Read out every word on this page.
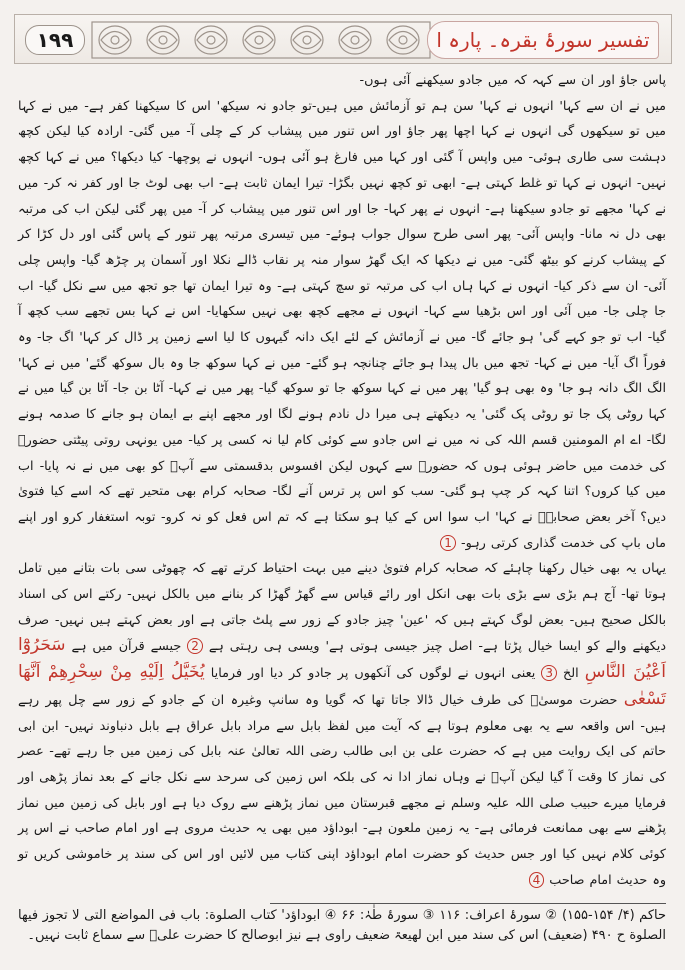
۱۹۹	تفسیر سورۂ بقرہ۔ پارہ ا

پاس جاؤ اور ان سے کہہ کہ میں جادو سیکھنے آئی ہوں-

میں نے ان سے کہا' انہوں نے کہا' سن ہم تو آزمائش میں ہیں-تو جادو نہ سیکھ' اس کا سیکھنا کفر ہے- میں نے کہا میں تو سیکھوں گی انہوں نے کہا اچھا پھر جاؤ اور اس تنور میں پیشاب کر کے چلی آ- میں گئی- ارادہ کیا لیکن کچھ دہشت سی طاری ہوئی- میں واپس آ گئی اور کہا میں فارغ ہو آئی ہوں- انہوں نے پوچھا- کیا دیکھا؟ میں نے کہا کچھ نہیں- انہوں نے کہا تو غلط کہتی ہے- ابھی تو کچھ نہیں بگڑا- تیرا ایمان ثابت ہے- اب بھی لوٹ جا اور کفر نہ کر- میں نے کہا' مجھے تو جادو سیکھنا ہے- انہوں نے پھر کہا- جا اور اس تنور میں پیشاب کر آ- میں پھر گئی لیکن اب کی مرتبہ بھی دل نہ مانا- واپس آئی- پھر اسی طرح سوال جواب ہوئے- میں تیسری مرتبہ پھر تنور کے پاس گئی اور دل کڑا کر کے پیشاب کرنے کو بیٹھ گئی- میں نے دیکھا کہ ایک گھڑ سوار منہ پر نقاب ڈالے نکلا اور آسمان پر چڑھ گیا- واپس چلی آئی- ان سے ذکر کیا- انہوں نے کہا ہاں اب کی مرتبہ تو سچ کہتی ہے- وہ تیرا ایمان تھا جو تجھ میں سے نکل گیا- اب جا چلی جا- میں آئی اور اس بڑھیا سے کہا- انہوں نے مجھے کچھ بھی نہیں سکھایا- اس نے کہا بس تجھے سب کچھ آ گیا- اب تو جو کہے گی' ہو جائے گا- میں نے آزمائش کے لئے ایک دانہ گیہوں کا لیا اسے زمین پر ڈال کر کہا' اگ جا- وہ فوراً اگ آیا- میں نے کہا- تجھ میں بال پیدا ہو جائے چنانچہ ہو گئے- میں نے کہا سوکھ جا وہ بال سوکھ گئے' میں نے کہا' الگ الگ دانہ ہو جا' وہ بھی ہو گیا' پھر میں نے کہا سوکھ جا تو سوکھ گیا- پھر میں نے کہا- آٹا بن جا- آٹا بن گیا میں نے کہا روٹی پک جا تو روٹی پک گئی' یہ دیکھتے ہی میرا دل نادم ہونے لگا اور مجھے اپنے بے ایمان ہو جانے کا صدمہ ہونے لگا- اے ام المومنین قسم اللہ کی نہ میں نے اس جادو سے کوئی کام لیا نہ کسی پر کیا- میں یونہی روتی پیٹتی حضورؐ کی خدمت میں حاضر ہوئی ہوں کہ حضورؐ سے کہوں لیکن افسوس بدقسمتی سے آپؐ کو بھی میں نے نہ پایا- اب میں کیا کروں؟ اتنا کہہ کر چپ ہو گئی- سب کو اس پر ترس آنے لگا- صحابہ کرام بھی متحیر تھے کہ اسے کیا فتویٰ دیں؟ آخر بعض صحابہؓ نے کہا' اب سوا اس کے کیا ہو سکتا ہے کہ تم اس فعل کو نہ کرو- توبہ استغفار کرو اور اپنے ماں باپ کی خدمت گذاری کرتی رہو- 1

یہاں یہ بھی خیال رکھنا چاہئے کہ صحابہ کرام فتویٰ دینے میں بہت احتیاط کرتے تھے کہ چھوٹی سی بات بتانے میں تامل ہوتا تھا- آج ہم بڑی سے بڑی بات بھی انکل اور رائے قیاس سے گھڑ گھڑا کر بنانے میں بالکل نہیں- رکتے اس کی اسناد بالکل صحیح ہیں- بعض لوگ کہتے ہیں کہ 'عین' چیز جادو کے زور سے پلٹ جاتی ہے اور بعض کہتے ہیں نہیں- صرف دیکھنے والے کو ایسا خیال پڑتا ہے- اصل چیز جیسی ہوتی ہے' ویسی ہی رہتی ہے 2 جیسے قرآن میں ہے سَحَرُوْٓا اَعْيُنَ النَّاسِ الخ 3 یعنی انہوں نے لوگوں کی آنکھوں پر جادو کر دیا اور فرمایا يُخَيَّلُ اِلَيْهِ مِنْ سِحْرِهِمْ اَنَّهَا تَسْعٰى حضرت موسیٰؑ کی طرف خیال ڈالا جاتا تھا کہ گویا وہ سانپ وغیرہ ان کے جادو کے زور سے چل پھر رہے ہیں- اس واقعہ سے یہ بھی معلوم ہوتا ہے کہ آیت میں لفظ بابل سے مراد بابل عراق ہے بابل دنباوند نہیں- ابن ابی حاتم کی ایک روایت میں ہے کہ حضرت علی بن ابی طالب رضی اللہ تعالیٰ عنہ بابل کی زمین میں جا رہے تھے- عصر کی نماز کا وقت آ گیا لیکن آپؓ نے وہاں نماز ادا نہ کی بلکہ اس زمین کی سرحد سے نکل جانے کے بعد نماز پڑھی اور فرمایا میرے حبیب صلی اللہ علیہ وسلم نے مجھے قبرستان میں نماز پڑھنے سے روک دیا ہے اور بابل کی زمین میں نماز پڑھنے سے بھی ممانعت فرمائی ہے- یہ زمین ملعون ہے- ابوداؤد میں بھی یہ حدیث مروی ہے اور امام صاحب نے اس پر کوئی کلام نہیں کیا اور جس حدیث کو حضرت امام ابوداؤد اپنی کتاب میں لائیں اور اس کی سند پر خاموشی کریں تو وہ حدیث امام صاحب 4

حاکم (۴/ ۱۵۴-۱۵۵) ② سورۂ اعراف: ۱۱۶ ③ سورۂ طٰہٰ: ۶۶ ④ ابوداؤد' کتاب الصلوة: باب فی المواضع التی لا تجوز فیھا الصلوة ح ۴۹۰ (ضعیف) اس کی سند میں ابن لھیعۃ ضعیف راوی ہے نیز ابوصالح کا حضرت علیؓ سے سماع ثابت نہیں۔
